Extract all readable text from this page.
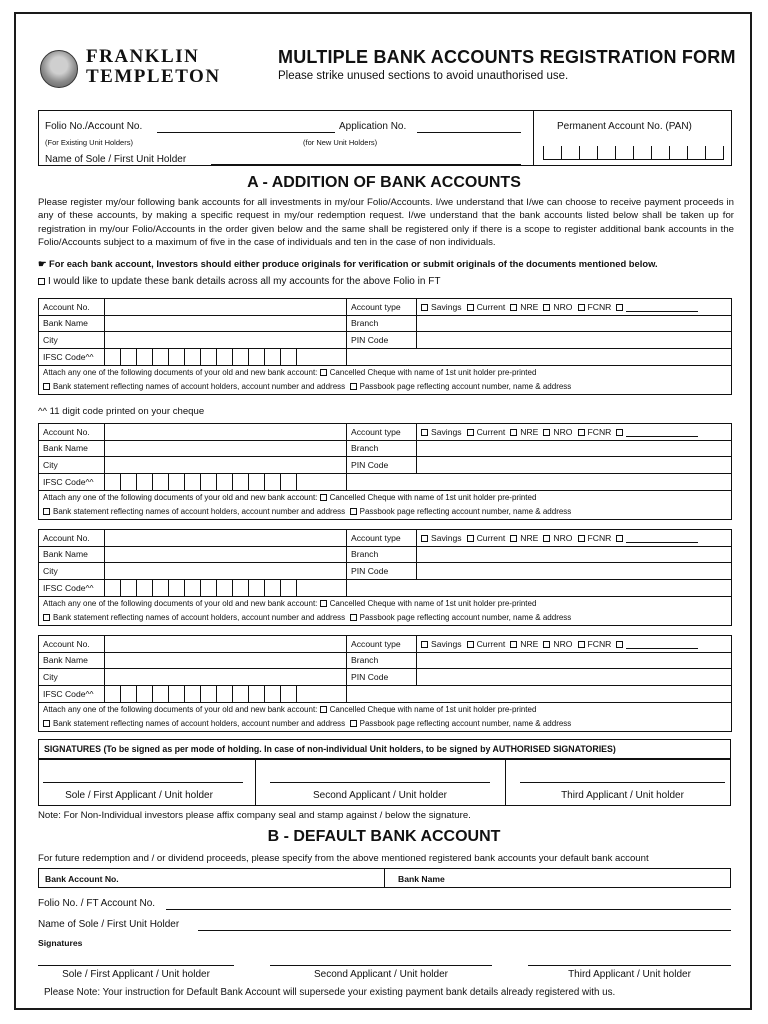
FRANKLIN
TEMPLETON
MULTIPLE BANK ACCOUNTS REGISTRATION FORM
Please strike unused sections to avoid unauthorised use.
Folio No./Account No.
(For Existing Unit Holders)
Application No.
(for New Unit Holders)
Name of Sole / First Unit Holder
Permanent Account No. (PAN)
A - ADDITION OF BANK ACCOUNTS
Please register my/our following bank accounts for all investments in my/our Folio/Accounts. I/we understand that I/we can choose to receive payment proceeds in any of these accounts, by making a specific request in my/our redemption request. I/we understand that the bank accounts listed below shall be taken up for registration in my/our Folio/Accounts in the order given below and the same shall be registered only if there is a scope to register additional bank accounts in the Folio/Accounts subject to a maximum of five in the case of individuals and ten in the case of non individuals.
☛ For each bank account, Investors should either produce originals for verification or submit originals of the documents mentioned below.
I would like to update these bank details across all my accounts for the above Folio in FT
Account No.		Account type	Savings Current NRE NRO FCNR
Bank Name		Branch	
City		PIN Code	
IFSC Code^^	

Attach any one of the following documents of your old and new bank account: Cancelled Cheque with name of 1st unit holder pre-printed
Bank statement reflecting names of account holders, account number and address Passbook page reflecting account number, name & address			
Account No.		Account type	Savings Current NRE NRO FCNR
Bank Name		Branch	
City		PIN Code	
IFSC Code^^	

Attach any one of the following documents of your old and new bank account: Cancelled Cheque with name of 1st unit holder pre-printed
Bank statement reflecting names of account holders, account number and address Passbook page reflecting account number, name & address			
Account No.		Account type	Savings Current NRE NRO FCNR
Bank Name		Branch	
City		PIN Code	
IFSC Code^^	

Attach any one of the following documents of your old and new bank account: Cancelled Cheque with name of 1st unit holder pre-printed
Bank statement reflecting names of account holders, account number and address Passbook page reflecting account number, name & address			
Account No.		Account type	Savings Current NRE NRO FCNR
Bank Name		Branch	
City		PIN Code	
IFSC Code^^	

Attach any one of the following documents of your old and new bank account: Cancelled Cheque with name of 1st unit holder pre-printed
Bank statement reflecting names of account holders, account number and address Passbook page reflecting account number, name & address			
^^ 11 digit code printed on your cheque
SIGNATURES (To be signed as per mode of holding. In case of non-individual Unit holders, to be signed by AUTHORISED SIGNATORIES)
Sole / First Applicant / Unit holder	Second Applicant / Unit holder	Third Applicant / Unit holder
Note: For Non-Individual investors please affix company seal and stamp against / below the signature.
B - DEFAULT BANK ACCOUNT
For future redemption and / or dividend proceeds, please specify from the above mentioned registered bank accounts your default bank account
Bank Account No.	Bank Name
Folio No. / FT Account No.
Name of Sole / First Unit Holder
Signatures
Sole / First Applicant / Unit holder	Second Applicant / Unit holder	Third Applicant / Unit holder
Please Note: Your instruction for Default Bank Account will supersede your existing payment bank details already registered with us.
